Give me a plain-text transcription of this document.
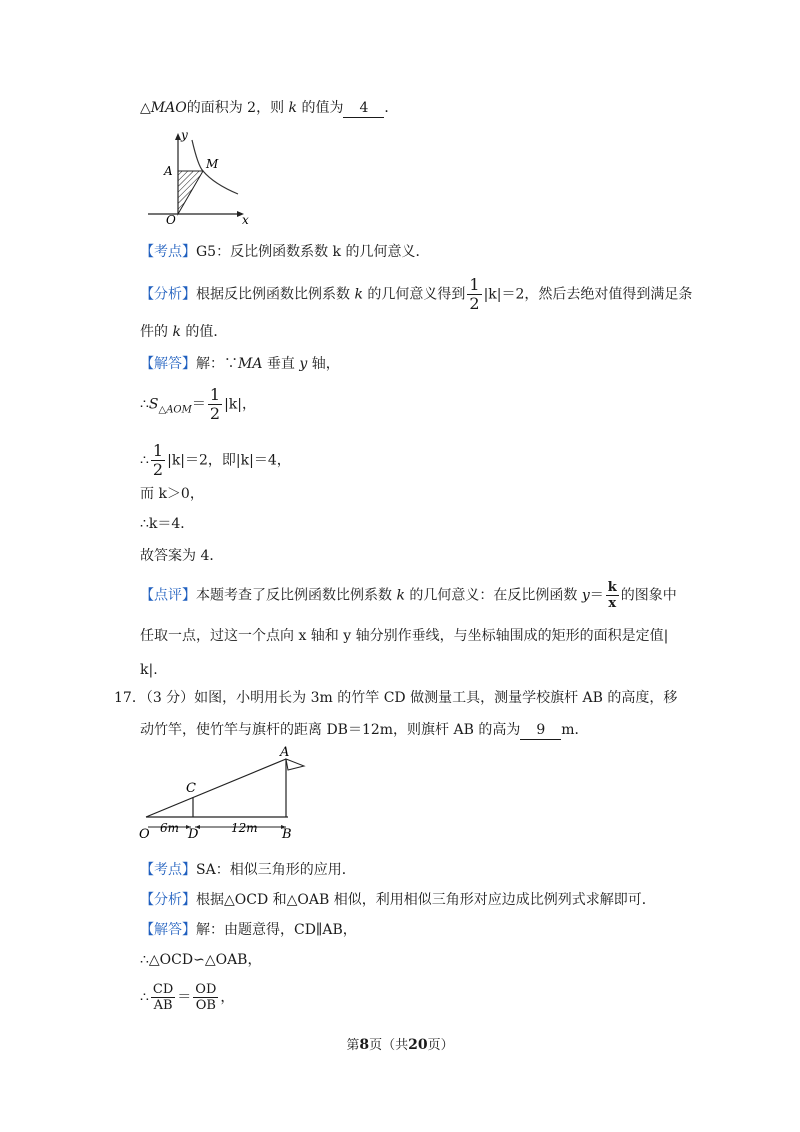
△MAO的面积为 2，则 k 的值为 4 ．
y
A	M
O	x
【考点】G5：反比例函数系数 k 的几何意义．
【分析】根据反比例函数比例系数 k 的几何意义得到 $\frac{1}{2} |k|=2$，然后去绝对值得到满足条
件的 k 的值．
【解答】解：∵MA 垂直 y 轴，
$\therefore S_{\triangle AOM}= \frac{1}{2} |k|$，
∴ $\frac{1}{2} |k|=2$，即|k|＝4，
而 k＞0，
∴k＝4．
故答案为 4．
【点评】本题考查了反比例函数比例系数 k 的几何意义：在反比例函数 $y= \frac{k}{x}$ 的图象中
任取一点，过这一个点向 x 轴和 y 轴分别作垂线，与坐标轴围成的矩形的面积是定值|
k|.
17．（3 分）如图，小明用长为 3m 的竹竿 CD 做测量工具，测量学校旗杆 AB 的高度，移
动竹竿，使竹竿与旗杆的距离 DB＝12m，则旗杆 AB 的高为 9 m．
A
C
O	D	B
6m	12m
【考点】SA：相似三角形的应用．
【分析】根据△OCD 和△OAB 相似，利用相似三角形对应边成比例列式求解即可．
【解答】解：由题意得，CD∥AB，
∴△OCD∽△OAB，
∴ $\frac{CD}{AB} = \frac{OD}{OB}$ ，
第8页（共20页）
